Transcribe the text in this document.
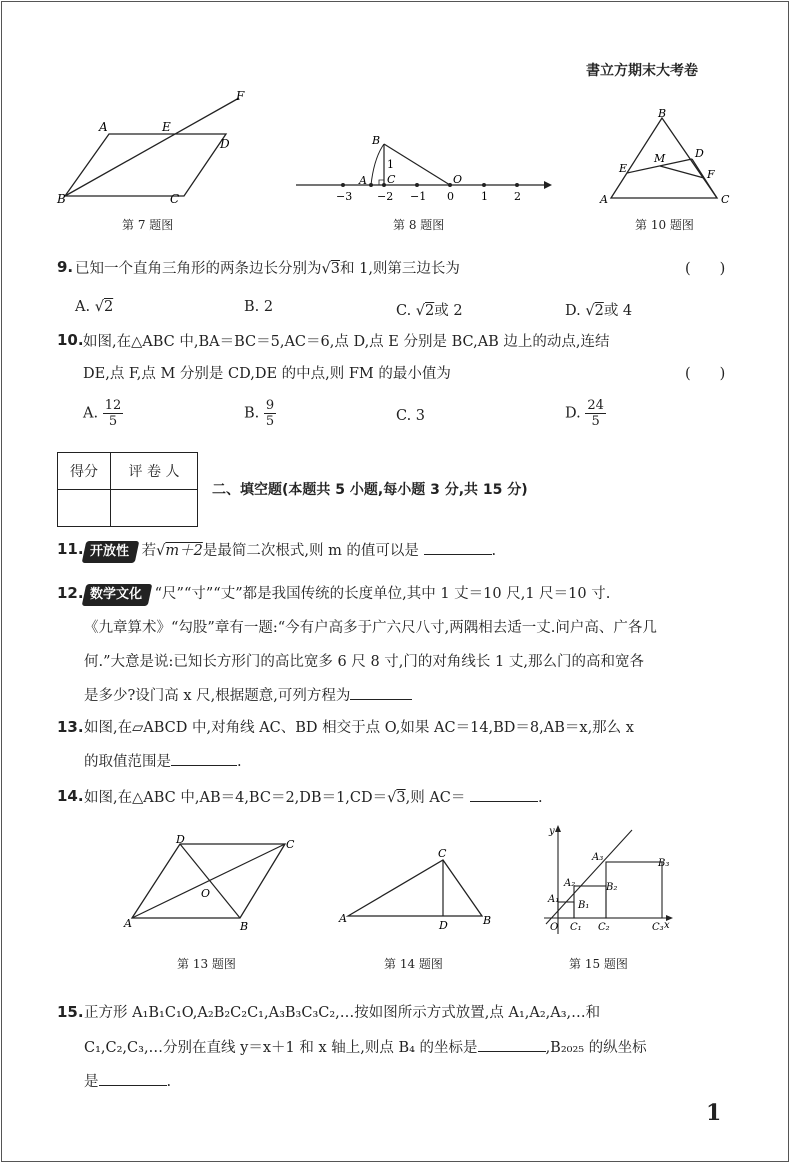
書立方期末大考卷
A	E
F
D
B	C
第 7 题图
B
A C	O
1
−3 −2 −1 0 1 2
第 8 题图
B
M	D
E	F
A	C
第 10 题图
9. 已知一个直角三角形的两条边长分别为√3和 1,则第三边长为	(　　)
A. √2	B. 2	C. √2或 2	D. √2或 4
10. 如图,在△ABC 中,BA＝BC＝5,AC＝6,点 D,点 E 分别是 BC,AB 边上的动点,连结
DE,点 F,点 M 分别是 CD,DE 的中点,则 FM 的最小值为	(　　)
A. $\frac{12}{5}$	B. $\frac{9}{5}$	C. 3	D. $\frac{24}{5}$
得分	评 卷 人

二、填空题(本题共 5 小题,每小题 3 分,共 15 分)
11. 开放性 若√m＋2是最简二次根式,则 m 的值可以是	.
12. 数学文化 “尺”“寸”“丈”都是我国传统的长度单位,其中 1 丈＝10 尺,1 尺＝10 寸.
《九章算术》“勾股”章有一题:“今有户高多于广六尺八寸,两隅相去适一丈.问户高、广各几
何.”大意是说:已知长方形门的高比宽多 6 尺 8 寸,门的对角线长 1 丈,那么门的高和宽各
是多少?设门高 x 尺,根据题意,可列方程为
13. 如图,在▱ABCD 中,对角线 AC、BD 相交于点 O,如果 AC＝14,BD＝8,AB＝x,那么 x
的取值范围是	.
14. 如图,在△ABC 中,AB＝4,BC＝2,DB＝1,CD＝√3,则 AC＝	.
D	C
O
A	B
第 13 题图
C
A
D	B
第 14 题图
y
x
O
A₁
A₂
A₃
B₁
B₂
B₃
C₁ C₂	C₃
第 15 题图
15. 正方形 A₁B₁C₁O,A₂B₂C₂C₁,A₃B₃C₃C₂,…按如图所示方式放置,点 A₁,A₂,A₃,…和
C₁,C₂,C₃,…分别在直线 y＝x＋1 和 x 轴上,则点 B₄ 的坐标是	,B₂₀₂₅ 的纵坐标
是	.
1
